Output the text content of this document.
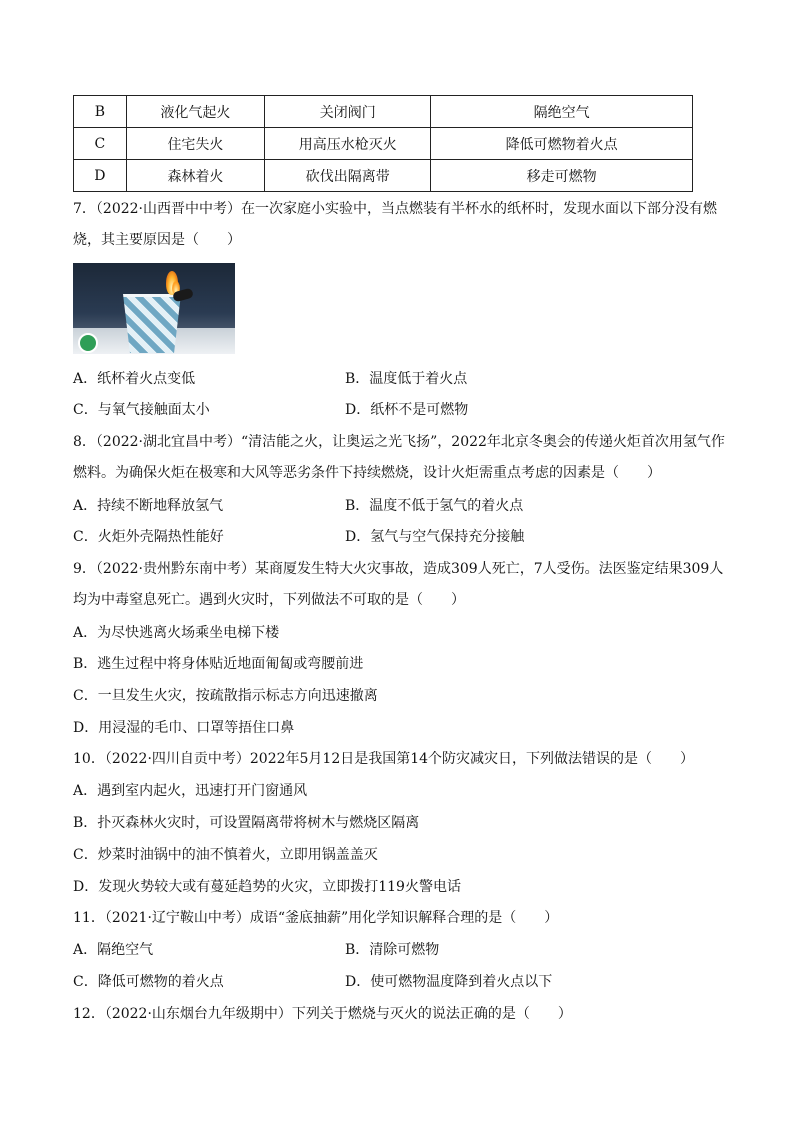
B	液化气起火	关闭阀门	隔绝空气
C	住宅失火	用高压水枪灭火	降低可燃物着火点
D	森林着火	砍伐出隔离带	移走可燃物
7．（2022·山西晋中中考）在一次家庭小实验中，当点燃装有半杯水的纸杯时，发现水面以下部分没有燃烧，其主要原因是（　　）
A．纸杯着火点变低	B．温度低于着火点
C．与氧气接触面太小	D．纸杯不是可燃物
8．（2022·湖北宜昌中考）“清洁能之火，让奥运之光飞扬”，2022年北京冬奥会的传递火炬首次用氢气作燃料。为确保火炬在极寒和大风等恶劣条件下持续燃烧，设计火炬需重点考虑的因素是（　　）
A．持续不断地释放氢气	B．温度不低于氢气的着火点
C．火炬外壳隔热性能好	D．氢气与空气保持充分接触
9．（2022·贵州黔东南中考）某商厦发生特大火灾事故，造成309人死亡，7人受伤。法医鉴定结果309人均为中毒窒息死亡。遇到火灾时，下列做法不可取的是（　　）
A．为尽快逃离火场乘坐电梯下楼
B．逃生过程中将身体贴近地面匍匐或弯腰前进
C．一旦发生火灾，按疏散指示标志方向迅速撤离
D．用浸湿的毛巾、口罩等捂住口鼻
10．（2022·四川自贡中考）2022年5月12日是我国第14个防灾减灾日，下列做法错误的是（　　）
A．遇到室内起火，迅速打开门窗通风
B．扑灭森林火灾时，可设置隔离带将树木与燃烧区隔离
C．炒菜时油锅中的油不慎着火，立即用锅盖盖灭
D．发现火势较大或有蔓延趋势的火灾，立即拨打119火警电话
11．（2021·辽宁鞍山中考）成语“釜底抽薪”用化学知识解释合理的是（　　）
A．隔绝空气	B．清除可燃物
C．降低可燃物的着火点	D．使可燃物温度降到着火点以下
12．（2022·山东烟台九年级期中）下列关于燃烧与灭火的说法正确的是（　　）
